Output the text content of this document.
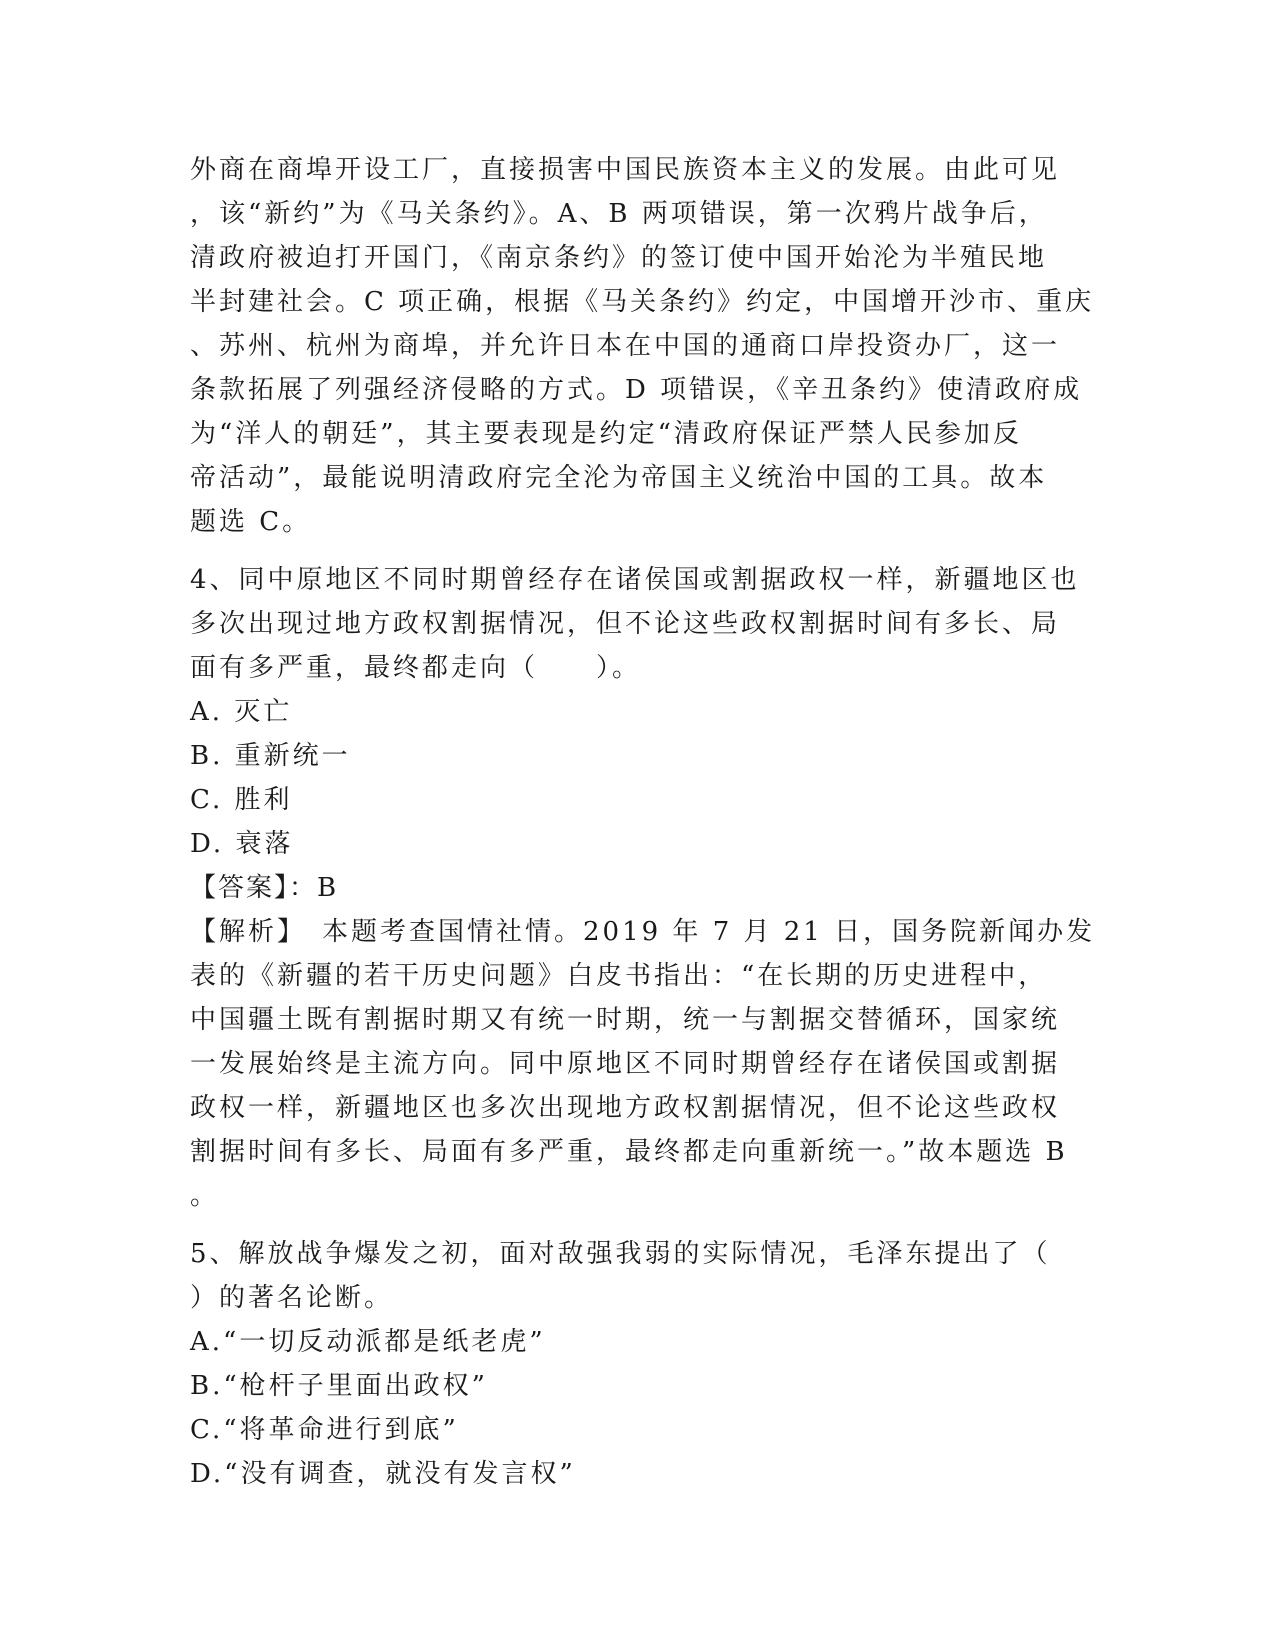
外商在商埠开设工厂，直接损害中国民族资本主义的发展。由此可见
，该“新约”为《马关条约》。A、B 两项错误，第一次鸦片战争后，
清政府被迫打开国门，《南京条约》的签订使中国开始沦为半殖民地
半封建社会。C 项正确，根据《马关条约》约定，中国增开沙市、重庆
、苏州、杭州为商埠，并允许日本在中国的通商口岸投资办厂，这一
条款拓展了列强经济侵略的方式。D 项错误，《辛丑条约》使清政府成
为“洋人的朝廷”，其主要表现是约定“清政府保证严禁人民参加反
帝活动”，最能说明清政府完全沦为帝国主义统治中国的工具。故本
题选 C。
4、同中原地区不同时期曾经存在诸侯国或割据政权一样，新疆地区也
多次出现过地方政权割据情况，但不论这些政权割据时间有多长、局
面有多严重，最终都走向（　　）。
A. 灭亡
B. 重新统一
C. 胜利
D. 衰落
【答案】：B
【解析】　本题考查国情社情。2019 年 7 月 21 日，国务院新闻办发
表的《新疆的若干历史问题》白皮书指出：“在长期的历史进程中，
中国疆土既有割据时期又有统一时期，统一与割据交替循环，国家统
一发展始终是主流方向。同中原地区不同时期曾经存在诸侯国或割据
政权一样，新疆地区也多次出现地方政权割据情况，但不论这些政权
割据时间有多长、局面有多严重，最终都走向重新统一。”故本题选 B
。
5、解放战争爆发之初，面对敌强我弱的实际情况，毛泽东提出了（
）的著名论断。
A.“一切反动派都是纸老虎”
B.“枪杆子里面出政权”
C.“将革命进行到底”
D.“没有调查，就没有发言权”
